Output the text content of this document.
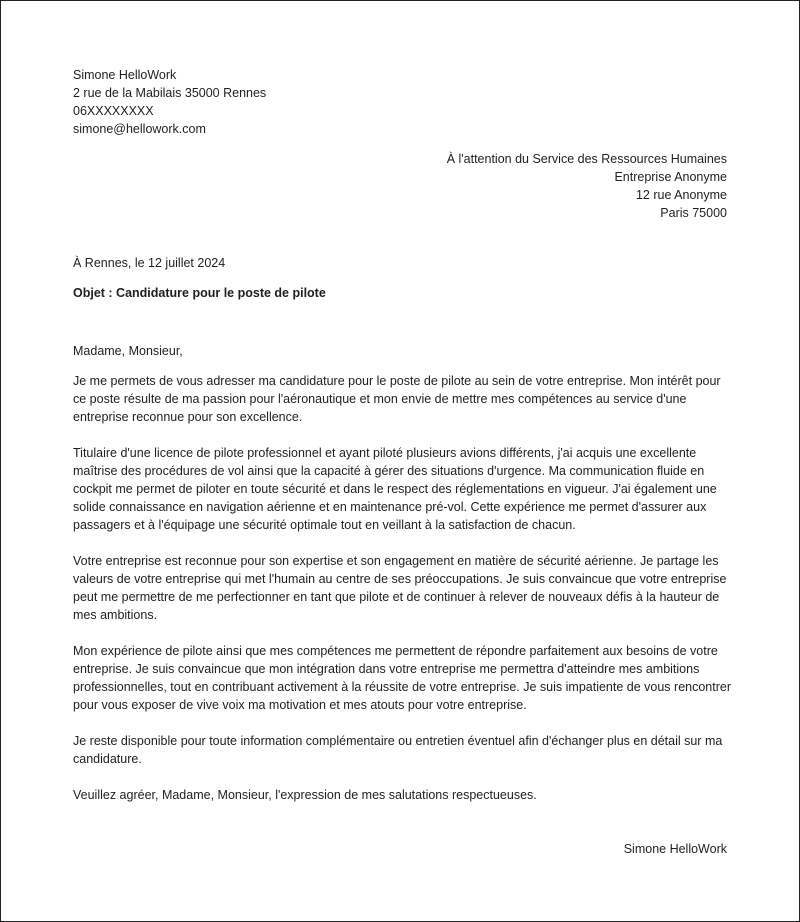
Simone HelloWork
2 rue de la Mabilais 35000 Rennes
06XXXXXXXX
simone@hellowork.com
À l'attention du Service des Ressources Humaines
Entreprise Anonyme
12 rue Anonyme
Paris 75000
À Rennes, le 12 juillet 2024
Objet : Candidature pour le poste de pilote

Madame, Monsieur,

Je me permets de vous adresser ma candidature pour le poste de pilote au sein de votre entreprise. Mon intérêt pour ce poste résulte de ma passion pour l'aéronautique et mon envie de mettre mes compétences au service d'une entreprise reconnue pour son excellence.

Titulaire d'une licence de pilote professionnel et ayant piloté plusieurs avions différents, j'ai acquis une excellente maîtrise des procédures de vol ainsi que la capacité à gérer des situations d'urgence. Ma communication fluide en cockpit me permet de piloter en toute sécurité et dans le respect des réglementations en vigueur. J'ai également une solide connaissance en navigation aérienne et en maintenance pré-vol. Cette expérience me permet d'assurer aux passagers et à l'équipage une sécurité optimale tout en veillant à la satisfaction de chacun.

Votre entreprise est reconnue pour son expertise et son engagement en matière de sécurité aérienne. Je partage les valeurs de votre entreprise qui met l'humain au centre de ses préoccupations. Je suis convaincue que votre entreprise peut me permettre de me perfectionner en tant que pilote et de continuer à relever de nouveaux défis à la hauteur de mes ambitions.

Mon expérience de pilote ainsi que mes compétences me permettent de répondre parfaitement aux besoins de votre entreprise. Je suis convaincue que mon intégration dans votre entreprise me permettra d'atteindre mes ambitions professionnelles, tout en contribuant activement à la réussite de votre entreprise. Je suis impatiente de vous rencontrer pour vous exposer de vive voix ma motivation et mes atouts pour votre entreprise.

Je reste disponible pour toute information complémentaire ou entretien éventuel afin d'échanger plus en détail sur ma candidature.

Veuillez agréer, Madame, Monsieur, l'expression de mes salutations respectueuses.

Simone HelloWork
